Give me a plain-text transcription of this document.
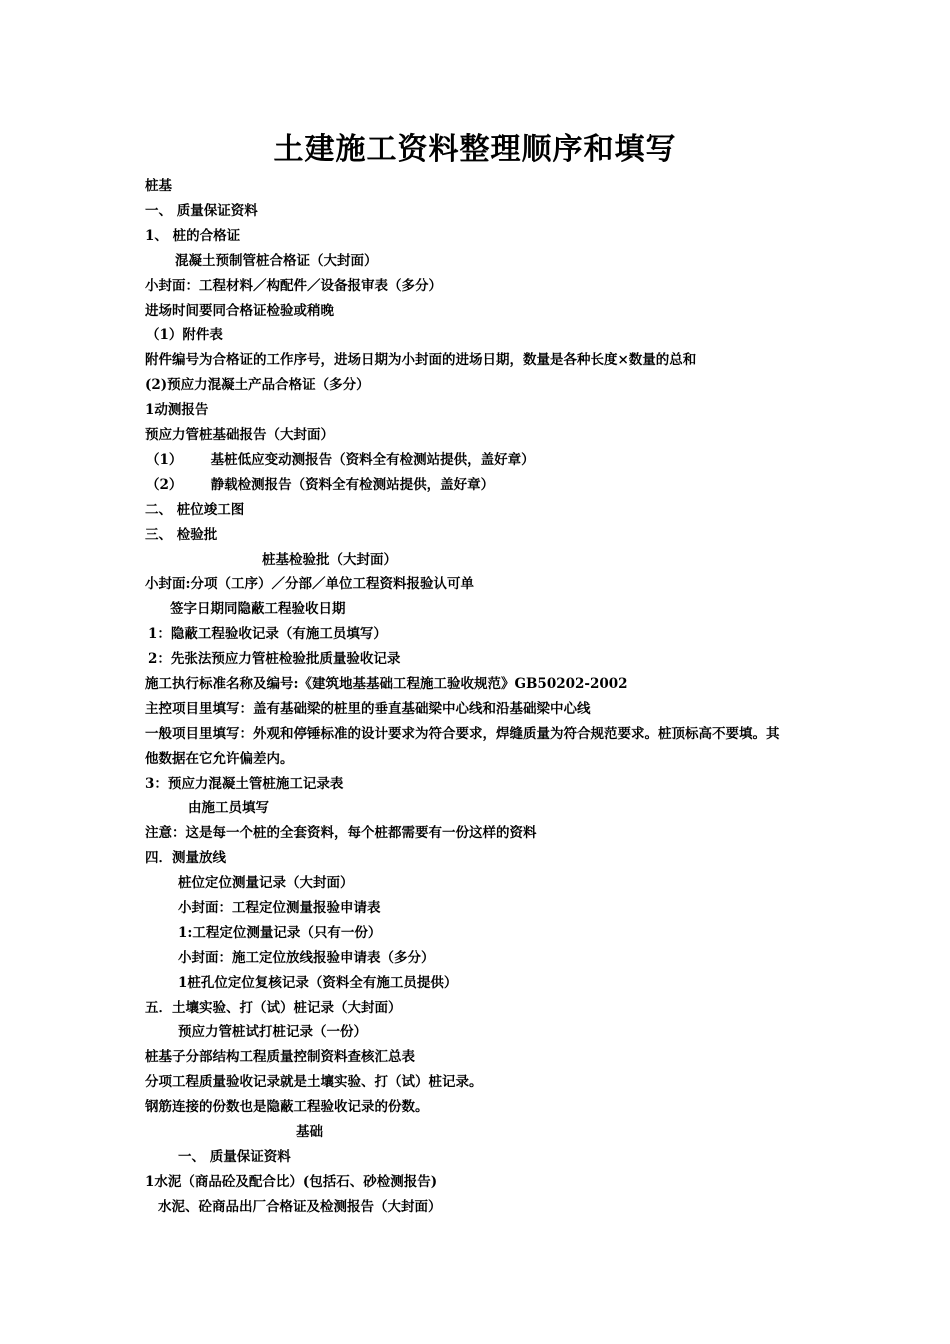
土建施工资料整理顺序和填写
桩基
一、 质量保证资料
1、 桩的合格证
混凝土预制管桩合格证（大封面）
小封面：工程材料／构配件／设备报审表（多分）
进场时间要同合格证检验或稍晚
（1）附件表
附件编号为合格证的工作序号，进场日期为小封面的进场日期，数量是各种长度×数量的总和
(2)预应力混凝土产品合格证（多分）
1动测报告
预应力管桩基础报告（大封面）
（1）      基桩低应变动测报告（资料全有检测站提供，盖好章）
（2）      静载检测报告（资料全有检测站提供，盖好章）
二、 桩位竣工图
三、 检验批
桩基检验批（大封面）
小封面:分项（工序）／分部／单位工程资料报验认可单
签字日期同隐蔽工程验收日期
1：隐蔽工程验收记录（有施工员填写）
2：先张法预应力管桩检验批质量验收记录
施工执行标准名称及编号:《建筑地基基础工程施工验收规范》GB50202-2002
主控项目里填写：盖有基础梁的桩里的垂直基础梁中心线和沿基础梁中心线
一般项目里填写：外观和停锤标准的设计要求为符合要求，焊缝质量为符合规范要求。桩顶标高不要填。其
他数据在它允许偏差内。
3：预应力混凝土管桩施工记录表
由施工员填写
注意：这是每一个桩的全套资料，每个桩都需要有一份这样的资料
四．测量放线
桩位定位测量记录（大封面）
小封面：工程定位测量报验申请表
1:工程定位测量记录（只有一份）
小封面：施工定位放线报验申请表（多分）
1桩孔位定位复核记录（资料全有施工员提供）
五．土壤实验、打（试）桩记录（大封面）
预应力管桩试打桩记录（一份）
桩基子分部结构工程质量控制资料查核汇总表
分项工程质量验收记录就是土壤实验、打（试）桩记录。
钢筋连接的份数也是隐蔽工程验收记录的份数。
基础
一、 质量保证资料
1水泥（商品砼及配合比）(包括石、砂检测报告)
水泥、砼商品出厂合格证及检测报告（大封面）
